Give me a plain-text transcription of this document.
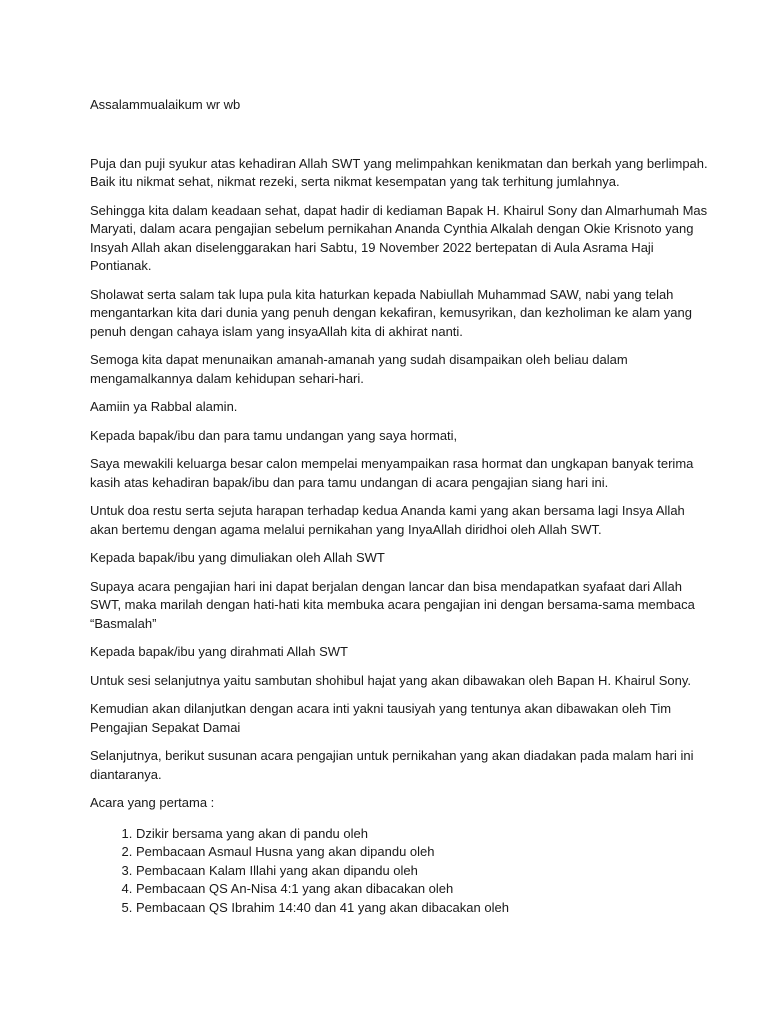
Assalammualaikum wr wb

Puja dan puji syukur atas kehadiran Allah SWT yang melimpahkan kenikmatan dan berkah yang berlimpah. Baik itu nikmat sehat, nikmat rezeki, serta nikmat kesempatan yang tak terhitung jumlahnya.

Sehingga kita dalam keadaan sehat, dapat hadir di kediaman Bapak H. Khairul Sony dan Almarhumah Mas Maryati, dalam acara pengajian sebelum pernikahan Ananda Cynthia Alkalah dengan Okie Krisnoto yang Insyah Allah akan diselenggarakan hari Sabtu, 19 November 2022 bertepatan di Aula Asrama Haji Pontianak.

Sholawat serta salam tak lupa pula kita haturkan kepada Nabiullah Muhammad SAW, nabi yang telah mengantarkan kita dari dunia yang penuh dengan kekafiran, kemusyrikan, dan kezholiman ke alam yang penuh dengan cahaya islam yang insyaAllah kita di akhirat nanti.

Semoga kita dapat menunaikan amanah-amanah yang sudah disampaikan oleh beliau dalam mengamalkannya dalam kehidupan sehari-hari.

Aamiin ya Rabbal alamin.

Kepada bapak/ibu dan para tamu undangan yang saya hormati,

Saya mewakili keluarga besar calon mempelai menyampaikan rasa hormat dan ungkapan banyak terima kasih atas kehadiran bapak/ibu dan para tamu undangan di acara pengajian siang hari ini.

Untuk doa restu serta sejuta harapan terhadap kedua Ananda kami yang akan bersama lagi Insya Allah akan bertemu dengan agama melalui pernikahan yang InyaAllah diridhoi oleh Allah SWT.

Kepada bapak/ibu yang dimuliakan oleh Allah SWT

Supaya acara pengajian hari ini dapat berjalan dengan lancar dan bisa mendapatkan syafaat dari Allah SWT, maka marilah dengan hati-hati kita membuka acara pengajian ini dengan bersama-sama membaca “Basmalah”

Kepada bapak/ibu yang dirahmati Allah SWT

Untuk sesi selanjutnya yaitu sambutan shohibul hajat yang akan dibawakan oleh Bapan H. Khairul Sony.

Kemudian akan dilanjutkan dengan acara inti yakni tausiyah yang tentunya akan dibawakan oleh Tim Pengajian Sepakat Damai

Selanjutnya, berikut susunan acara pengajian untuk pernikahan yang akan diadakan pada malam hari ini diantaranya.

Acara yang pertama :

1. Dzikir bersama yang akan di pandu oleh
2. Pembacaan Asmaul Husna yang akan dipandu oleh
3. Pembacaan Kalam Illahi yang akan dipandu oleh
4. Pembacaan QS An-Nisa 4:1 yang akan dibacakan oleh
5. Pembacaan QS Ibrahim 14:40 dan 41 yang akan dibacakan oleh
